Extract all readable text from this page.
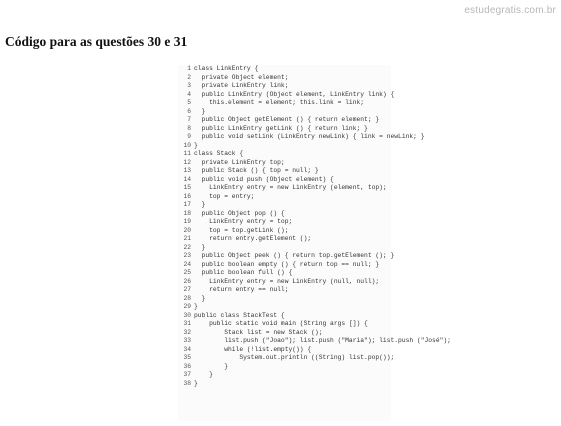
estudegratis.com.br
Código para as questões 30 e 31
1 class LinkEntry {
2  private Object element;
3  private LinkEntry link;
4  public LinkEntry (Object element, LinkEntry link) {
5    this.element = element; this.link = link;
6  }
7  public Object getElement () { return element; }
8  public LinkEntry getLink () { return link; }
9  public void setLink (LinkEntry newLink) { link = newLink; }
10 }
11 class Stack {
12  private LinkEntry top;
13  public Stack () { top = null; }
14  public void push (Object element) {
15    LinkEntry entry = new LinkEntry (element, top);
16    top = entry;
17  }
18  public Object pop () {
19    LinkEntry entry = top;
20    top = top.getLink ();
21    return entry.getElement ();
22  }
23  public Object peek () { return top.getElement (); }
24  public boolean empty () { return top == null; }
25  public boolean full () {
26    LinkEntry entry = new LinkEntry (null, null);
27    return entry == null;
28  }
29 }
30 public class StackTest {
31    public static void main (String args []) {
32        Stack list = new Stack ();
33        list.push ("Joao"); list.push ("Maria"); list.push ("José");
34        while (!list.empty()) {
35            System.out.println ((String) list.pop());
36        }
37    }
38 }
